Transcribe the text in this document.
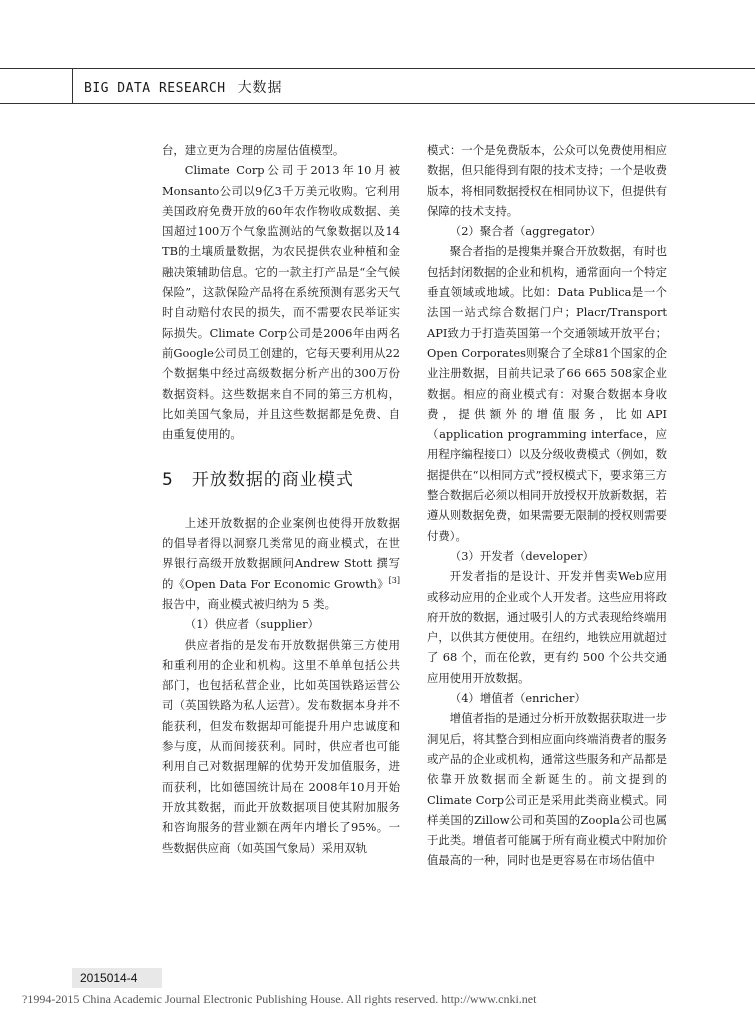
BIG DATA RESEARCH 大数据

台，建立更为合理的房屋估值模型。

Climate Corp公司于2013年10月被Monsanto公司以9亿3千万美元收购。它利用美国政府免费开放的60年农作物收成数据、美国超过100万个气象监测站的气象数据以及14 TB的土壤质量数据，为农民提供农业种植和金融决策辅助信息。它的一款主打产品是“全气候保险”，这款保险产品将在系统预测有恶劣天气时自动赔付农民的损失，而不需要农民举证实际损失。Climate Corp公司是2006年由两名前Google公司员工创建的，它每天要利用从22个数据集中经过高级数据分析产出的300万份数据资料。这些数据来自不同的第三方机构，比如美国气象局，并且这些数据都是免费、自由重复使用的。

5 开放数据的商业模式

上述开放数据的企业案例也使得开放数据的倡导者得以洞察几类常见的商业模式，在世界银行高级开放数据顾问Andrew Stott 撰写的《Open Data For Economic Growth》[3]报告中，商业模式被归纳为 5 类。

（1）供应者（supplier）

供应者指的是发布开放数据供第三方使用和重利用的企业和机构。这里不单单包括公共部门，也包括私营企业，比如英国铁路运营公司（英国铁路为私人运营）。发布数据本身并不能获利，但发布数据却可能提升用户忠诚度和参与度，从而间接获利。同时，供应者也可能利用自己对数据理解的优势开发加值服务，进而获利，比如德国统计局在 2008年10月开始开放其数据，而此开放数据项目使其附加服务和咨询服务的营业额在两年内增长了95%。一些数据供应商（如英国气象局）采用双轨

模式：一个是免费版本，公众可以免费使用相应数据，但只能得到有限的技术支持；一个是收费版本，将相同数据授权在相同协议下，但提供有保障的技术支持。

（2）聚合者（aggregator）

聚合者指的是搜集并聚合开放数据，有时也包括封闭数据的企业和机构，通常面向一个特定垂直领域或地域。比如：Data Publica是一个法国一站式综合数据门户；Placr/Transport API致力于打造英国第一个交通领域开放平台；Open Corporates则聚合了全球81个国家的企业注册数据，目前共记录了66 665 508家企业数据。相应的商业模式有：对聚合数据本身收费，提供额外的增值服务，比如API（application programming interface，应用程序编程接口）以及分级收费模式（例如，数据提供在“以相同方式”授权模式下，要求第三方整合数据后必须以相同开放授权开放新数据，若遵从则数据免费，如果需要无限制的授权则需要付费）。

（3）开发者（developer）

开发者指的是设计、开发并售卖Web应用或移动应用的企业或个人开发者。这些应用将政府开放的数据，通过吸引人的方式表现给终端用户，以供其方便使用。在纽约，地铁应用就超过了 68 个，而在伦敦，更有约 500 个公共交通应用使用开放数据。

（4）增值者（enricher）

增值者指的是通过分析开放数据获取进一步洞见后，将其整合到相应面向终端消费者的服务或产品的企业或机构，通常这些服务和产品都是依靠开放数据而全新诞生的。前文提到的 Climate Corp公司正是采用此类商业模式。同样美国的Zillow公司和英国的Zoopla公司也属于此类。增值者可能属于所有商业模式中附加价值最高的一种，同时也是更容易在市场估值中

2015014-4
?1994-2015 China Academic Journal Electronic Publishing House. All rights reserved. http://www.cnki.net
